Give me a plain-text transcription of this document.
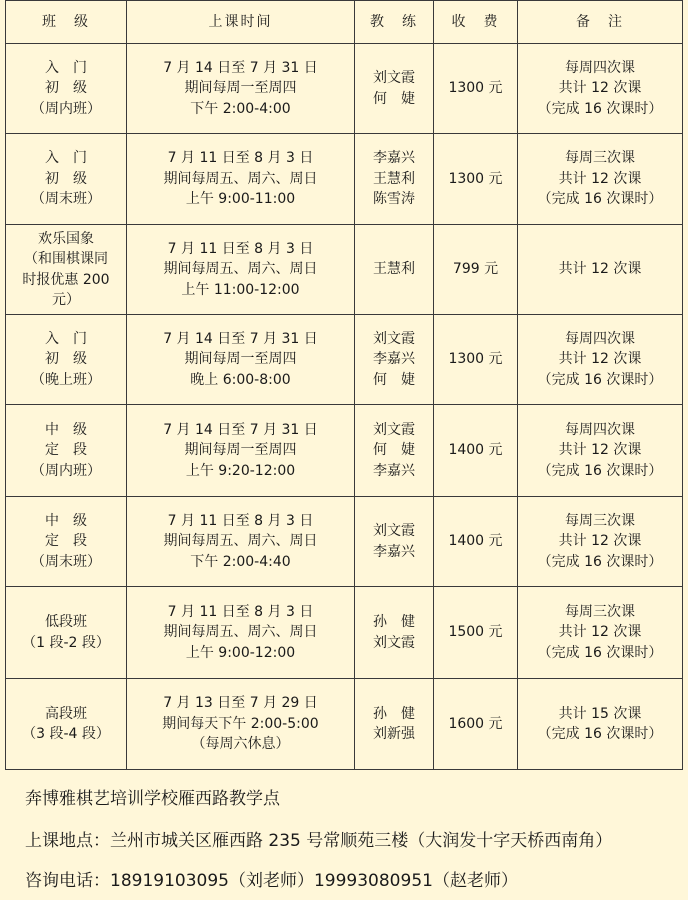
班　级	上课时间	教　练	收　费	备　注

入　门
初　级
（周内班）	7 月 14 日至 7 月 31 日
期间每周一至周四
下午 2:00-4:00	刘文霞
何　婕	1300 元	每周四次课
共计 12 次课
（完成 16 次课时）

入　门
初　级
（周末班）	7 月 11 日至 8 月 3 日
期间每周五、周六、周日
上午 9:00-11:00	李嘉兴
王慧利
陈雪涛	1300 元	每周三次课
共计 12 次课
（完成 16 次课时）

欢乐国象
（和围棋课同
时报优惠 200
元）	7 月 11 日至 8 月 3 日
期间每周五、周六、周日
上午 11:00-12:00	王慧利	799 元	共计 12 次课

入　门
初　级
（晚上班）	7 月 14 日至 7 月 31 日
期间每周一至周四
晚上 6:00-8:00	刘文霞
李嘉兴
何　婕	1300 元	每周四次课
共计 12 次课
（完成 16 次课时）

中　级
定　段
（周内班）	7 月 14 日至 7 月 31 日
期间每周一至周四
上午 9:20-12:00	刘文霞
何　婕
李嘉兴	1400 元	每周四次课
共计 12 次课
（完成 16 次课时）

中　级
定　段
（周末班）	7 月 11 日至 8 月 3 日
期间每周五、周六、周日
下午 2:00-4:40	刘文霞
李嘉兴	1400 元	每周三次课
共计 12 次课
（完成 16 次课时）

低段班
（1 段-2 段）	7 月 11 日至 8 月 3 日
期间每周五、周六、周日
上午 9:00-12:00	孙　健
刘文霞	1500 元	每周三次课
共计 12 次课
（完成 16 次课时）

高段班
（3 段-4 段）	7 月 13 日至 7 月 29 日
期间每天下午 2:00-5:00
（每周六休息）	孙　健
刘新强	1600 元	共计 15 次课
（完成 16 次课时）
奔博雅棋艺培训学校雁西路教学点
上课地点：兰州市城关区雁西路 235 号常顺苑三楼（大润发十字天桥西南角）
咨询电话：18919103095（刘老师）19993080951（赵老师）
